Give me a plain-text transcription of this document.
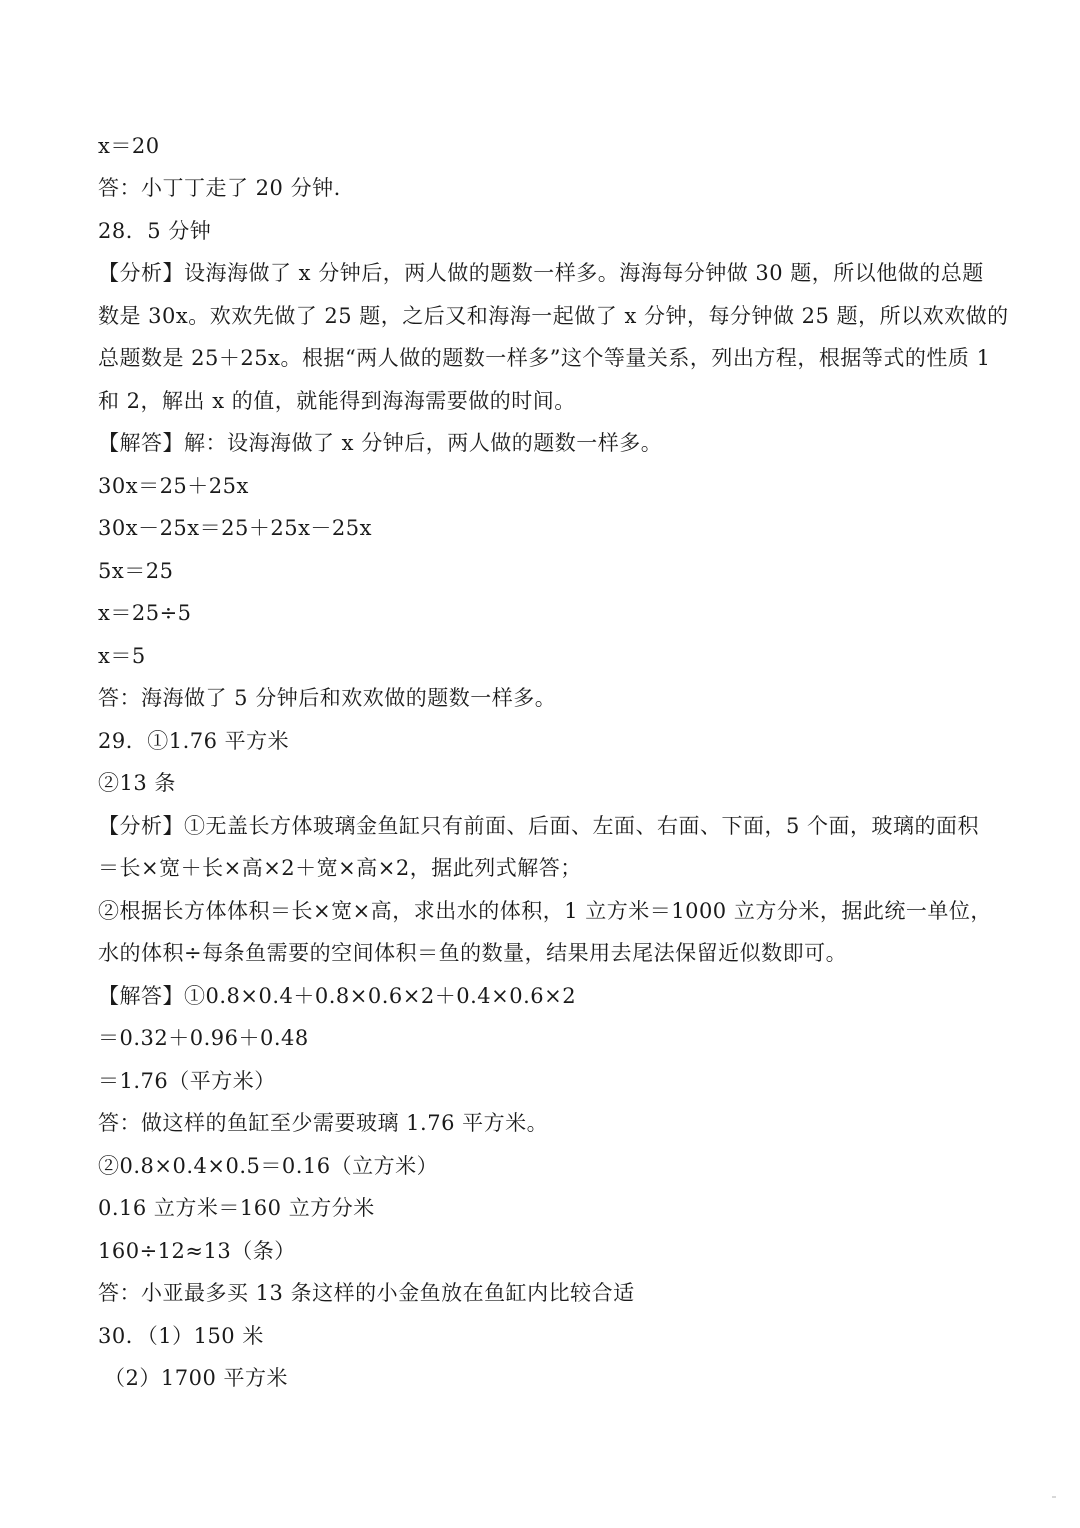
x＝20
答：小丁丁走了 20 分钟.
28．5 分钟
【分析】设海海做了 x 分钟后，两人做的题数一样多。海海每分钟做 30 题，所以他做的总题
数是 30x。欢欢先做了 25 题，之后又和海海一起做了 x 分钟，每分钟做 25 题，所以欢欢做的
总题数是 25＋25x。根据“两人做的题数一样多”这个等量关系，列出方程，根据等式的性质 1
和 2，解出 x 的值，就能得到海海需要做的时间。
【解答】解：设海海做了 x 分钟后，两人做的题数一样多。
30x＝25＋25x
30x－25x＝25＋25x－25x
5x＝25
x＝25÷5
x＝5
答：海海做了 5 分钟后和欢欢做的题数一样多。
29．①1.76 平方米
②13 条
【分析】①无盖长方体玻璃金鱼缸只有前面、后面、左面、右面、下面，5 个面，玻璃的面积
＝长×宽＋长×高×2＋宽×高×2，据此列式解答；
②根据长方体体积＝长×宽×高，求出水的体积，1 立方米＝1000 立方分米，据此统一单位，
水的体积÷每条鱼需要的空间体积＝鱼的数量，结果用去尾法保留近似数即可。
【解答】①0.8×0.4＋0.8×0.6×2＋0.4×0.6×2
＝0.32＋0.96＋0.48
＝1.76（平方米）
答：做这样的鱼缸至少需要玻璃 1.76 平方米。
②0.8×0.4×0.5＝0.16（立方米）
0.16 立方米＝160 立方分米
160÷12≈13（条）
答：小亚最多买 13 条这样的小金鱼放在鱼缸内比较合适
30．（1）150 米
（2）1700 平方米
